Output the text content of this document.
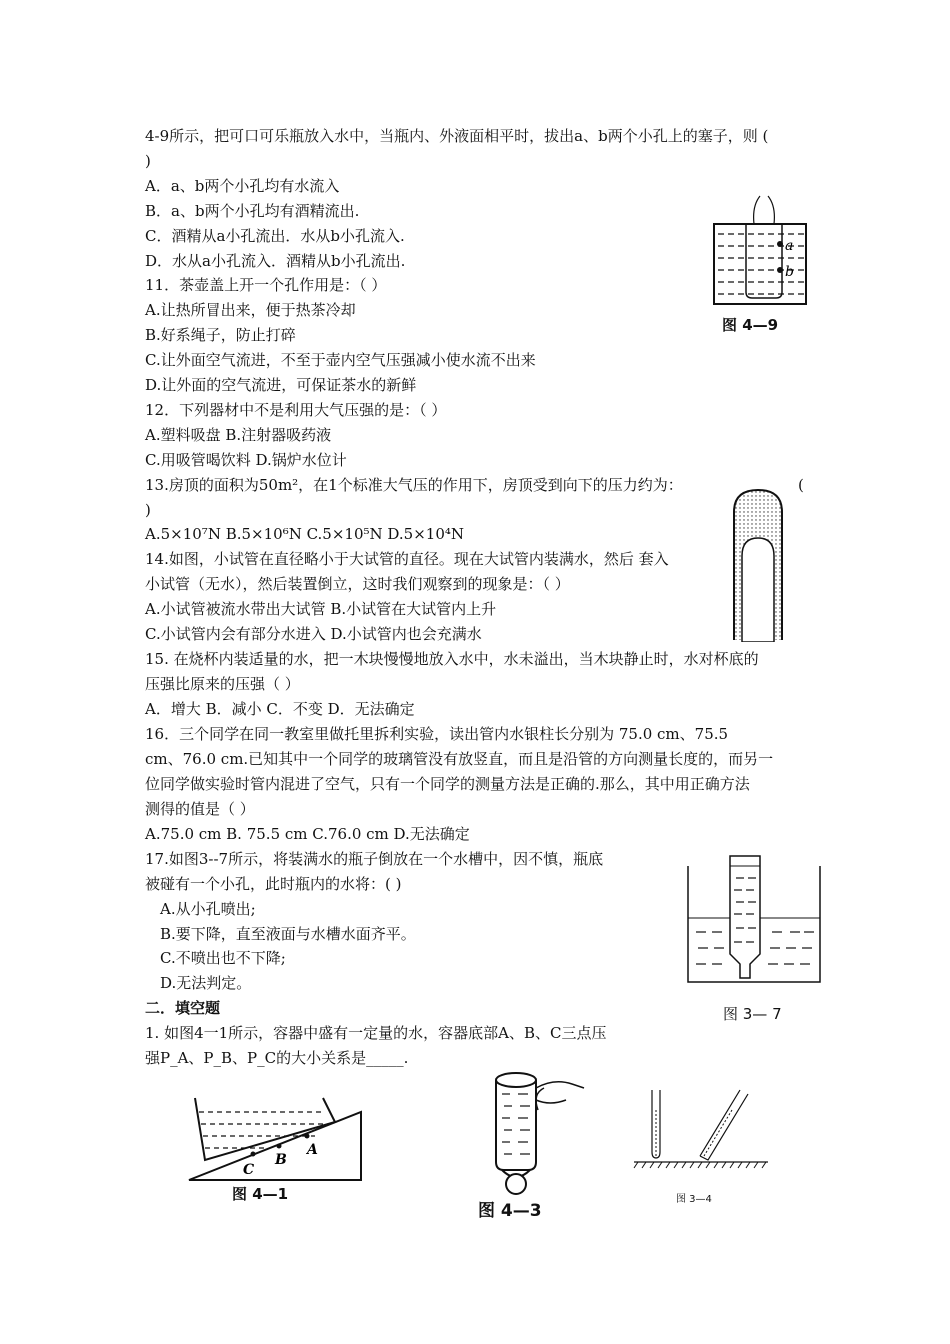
4-9所示，把可口可乐瓶放入水中，当瓶内、外液面相平时，拔出a、b两个小孔上的塞子，则 (
)
A．a、b两个小孔均有水流入
B．a、b两个小孔均有酒精流出.
C．酒精从a小孔流出．水从b小孔流入.
D．水从a小孔流入．酒精从b小孔流出.
11．茶壶盖上开一个孔作用是：（ ）
A.让热所冒出来，便于热茶冷却
B.好系绳子，防止打碎
C.让外面空气流进，不至于壶内空气压强减小使水流不出来
D.让外面的空气流进，可保证茶水的新鲜
12．下列器材中不是利用大气压强的是：（ ）
A.塑料吸盘 B.注射器吸药液
C.用吸管喝饮料 D.锅炉水位计
13.房顶的面积为50m²，在1个标准大气压的作用下，房顶受到向下的压力约为：	(
)
A.5×10⁷N B.5×10⁶N C.5×10⁵N D.5×10⁴N
14.如图，小试管在直径略小于大试管的直径。现在大试管内装满水，然后 套入
小试管（无水），然后装置倒立，这时我们观察到的现象是：（ ）
A.小试管被流水带出大试管 B.小试管在大试管内上升
C.小试管内会有部分水进入 D.小试管内也会充满水
15. 在烧杯内装适量的水，把一木块慢慢地放入水中，水未溢出，当木块静止时，水对杯底的
压强比原来的压强（ ）
A．增大 B．减小 C．不变 D．无法确定
16．三个同学在同一教室里做托里拆利实验，读出管内水银柱长分别为 75.0 cm、75.5
cm、76.0 cm.已知其中一个同学的玻璃管没有放竖直，而且是沿管的方向测量长度的，而另一
位同学做实验时管内混进了空气，只有一个同学的测量方法是正确的.那么，其中用正确方法
测得的值是（ ）
A.75.0 cm B. 75.5 cm C.76.0 cm D.无法确定
17.如图3--7所示，将装满水的瓶子倒放在一个水槽中，因不慎，瓶底
被碰有一个小孔，此时瓶内的水将：( )
A.从小孔喷出;
B.要下降，直至液面与水槽水面齐平。
C.不喷出也不下降;
D.无法判定。
二．填空题
1. 如图4一1所示，容器中盛有一定量的水，容器底部A、B、C三点压
强P_A、P_B、P_C的大小关系是_____.
a
b
图 4—9
图 3— 7
A
B
C
图 4—1
图 4—3
图 3—4
